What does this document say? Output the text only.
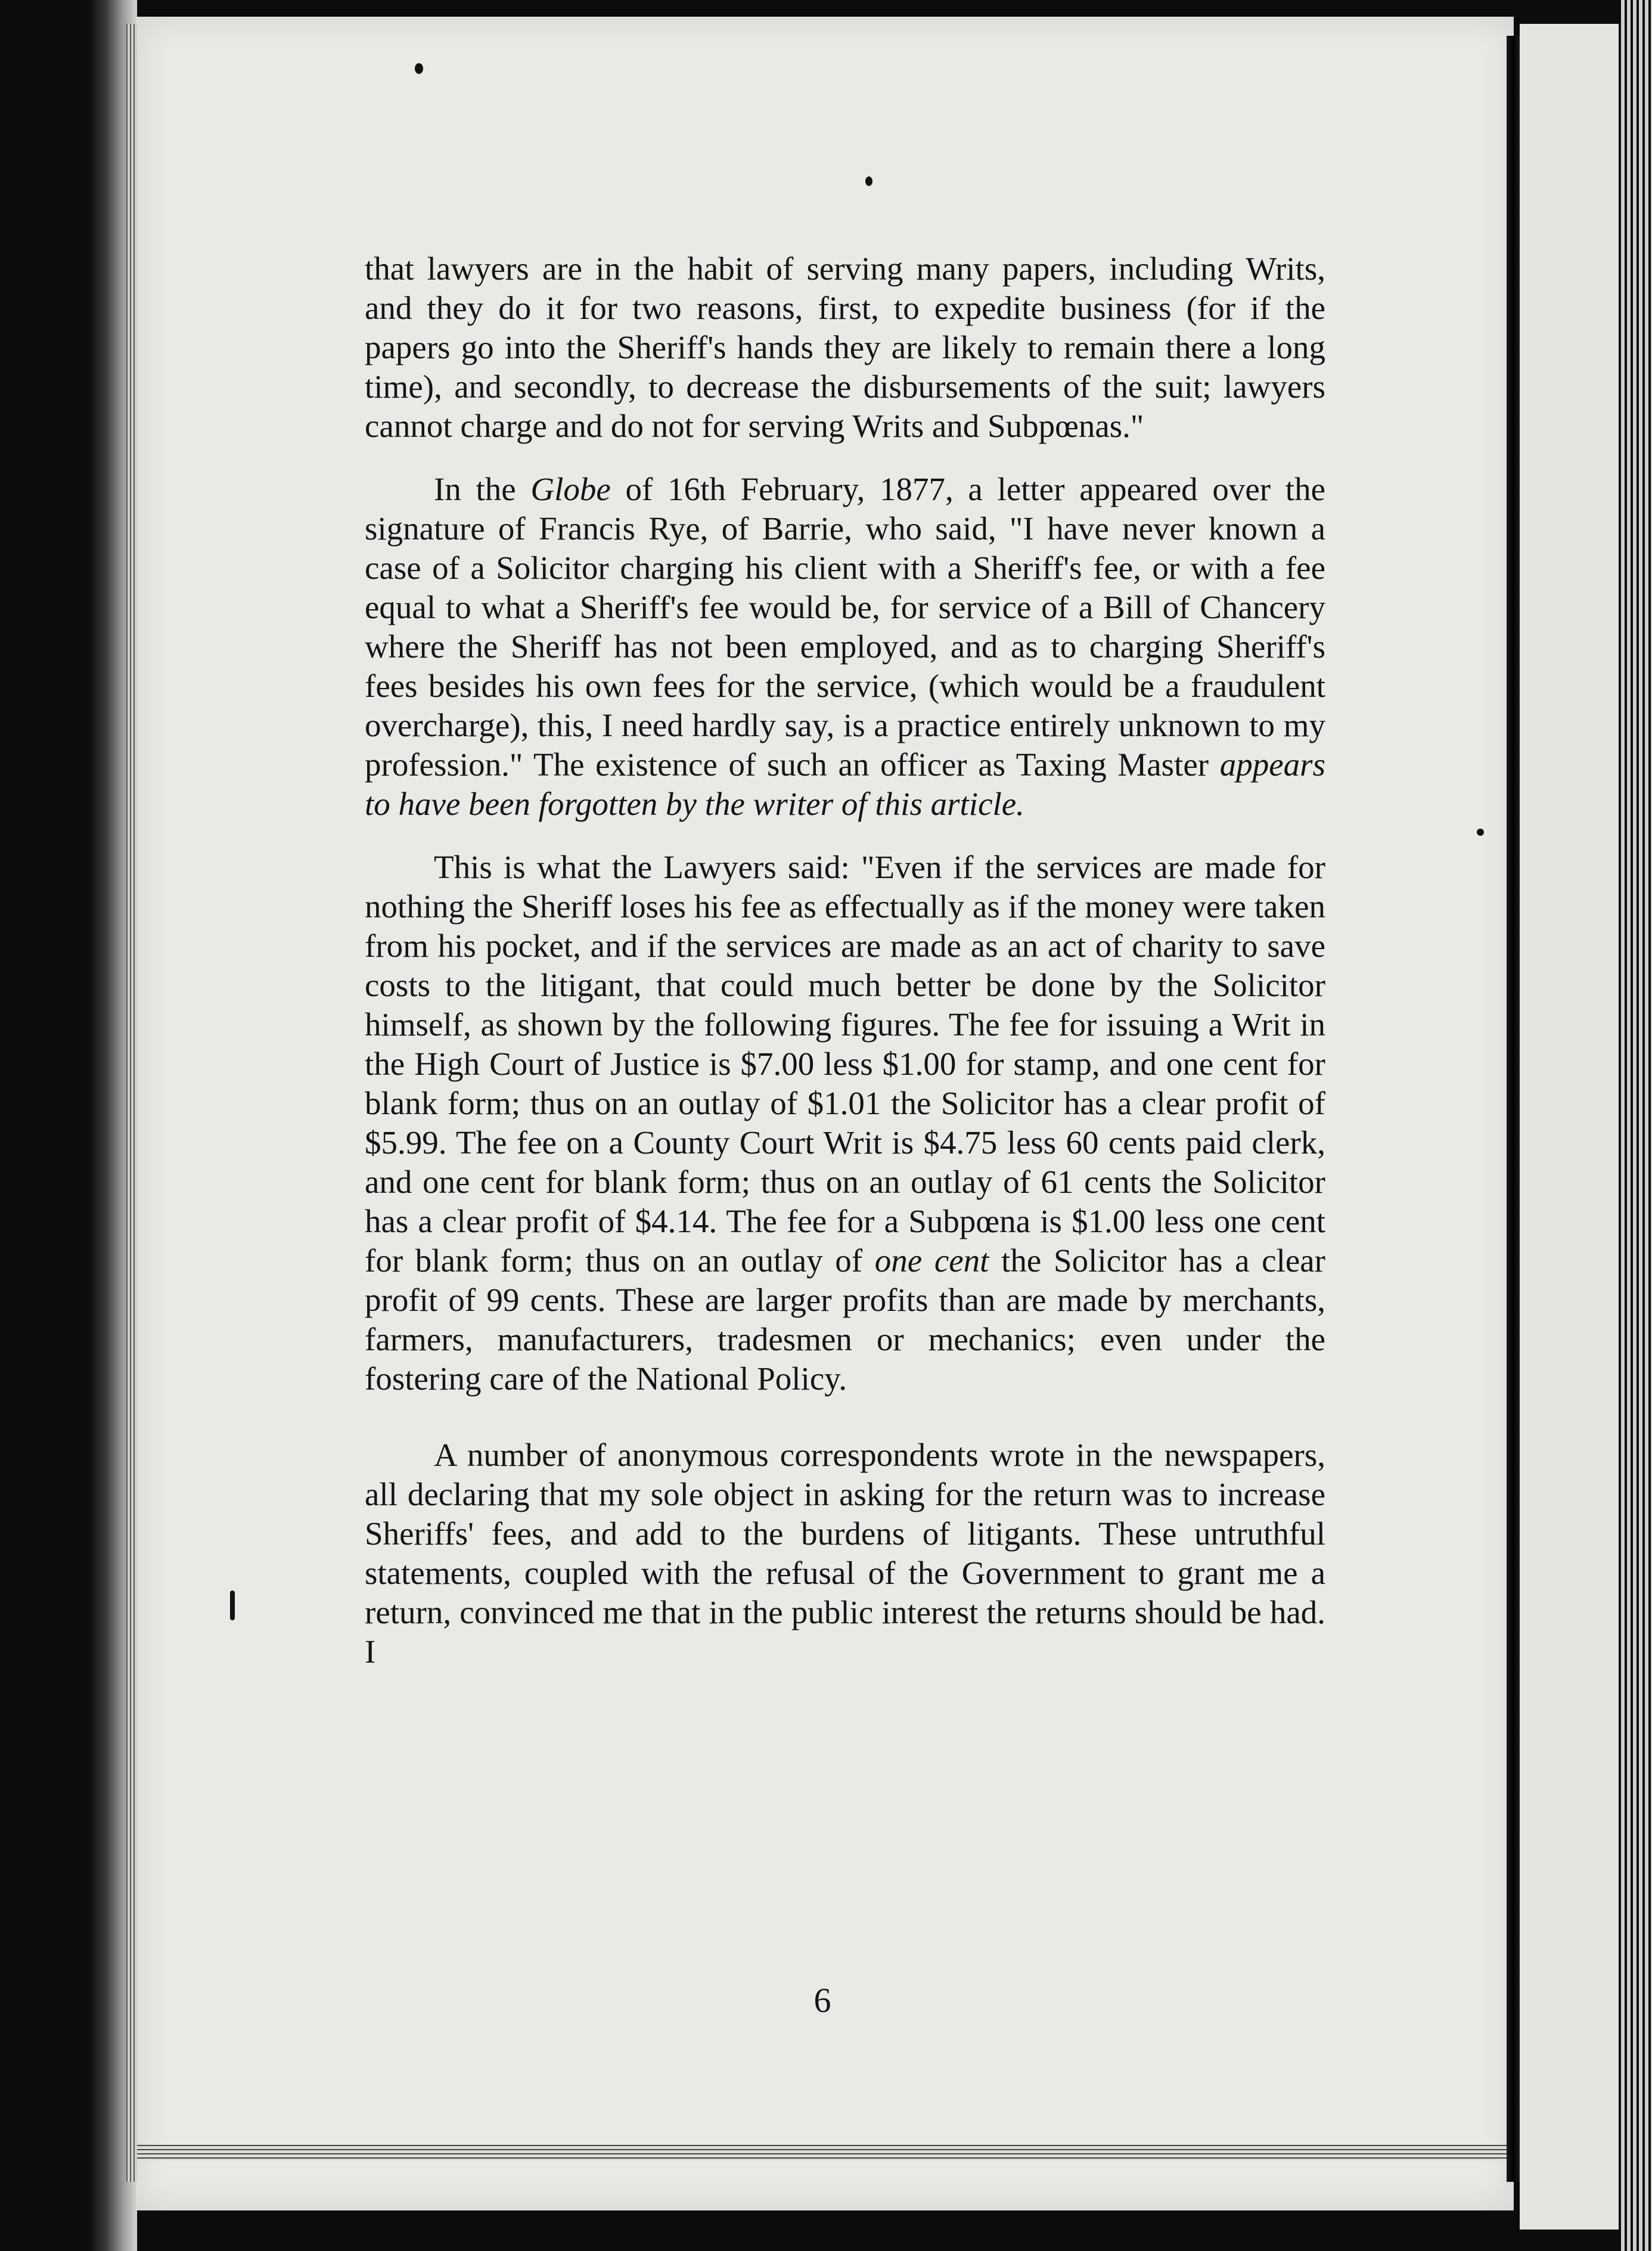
that lawyers are in the habit of serving many papers, including Writs, and they do it for two reasons, first, to expedite business (for if the papers go into the Sheriff's hands they are likely to remain there a long time), and secondly, to decrease the disbursements of the suit; lawyers cannot charge and do not for serving Writs and Subpœnas."

In the Globe of 16th February, 1877, a letter appeared over the signature of Francis Rye, of Barrie, who said, "I have never known a case of a Solicitor charging his client with a Sheriff's fee, or with a fee equal to what a Sheriff's fee would be, for service of a Bill of Chancery where the Sheriff has not been employed, and as to charging Sheriff's fees besides his own fees for the service, (which would be a fraudulent overcharge), this, I need hardly say, is a practice entirely unknown to my profession." The existence of such an officer as Taxing Master appears to have been forgotten by the writer of this article.

This is what the Lawyers said: "Even if the services are made for nothing the Sheriff loses his fee as effectually as if the money were taken from his pocket, and if the services are made as an act of charity to save costs to the litigant, that could much better be done by the Solicitor himself, as shown by the following figures. The fee for issuing a Writ in the High Court of Justice is $7.00 less $1.00 for stamp, and one cent for blank form; thus on an outlay of $1.01 the Solicitor has a clear profit of $5.99. The fee on a County Court Writ is $4.75 less 60 cents paid clerk, and one cent for blank form; thus on an outlay of 61 cents the Solicitor has a clear profit of $4.14. The fee for a Subpœna is $1.00 less one cent for blank form; thus on an outlay of one cent the Solicitor has a clear profit of 99 cents. These are larger profits than are made by merchants, farmers, manufacturers, tradesmen or mechanics; even under the fostering care of the National Policy.

A number of anonymous correspondents wrote in the newspapers, all declaring that my sole object in asking for the return was to increase Sheriffs' fees, and add to the burdens of litigants. These untruthful statements, coupled with the refusal of the Government to grant me a return, convinced me that in the public interest the returns should be had. I

6
